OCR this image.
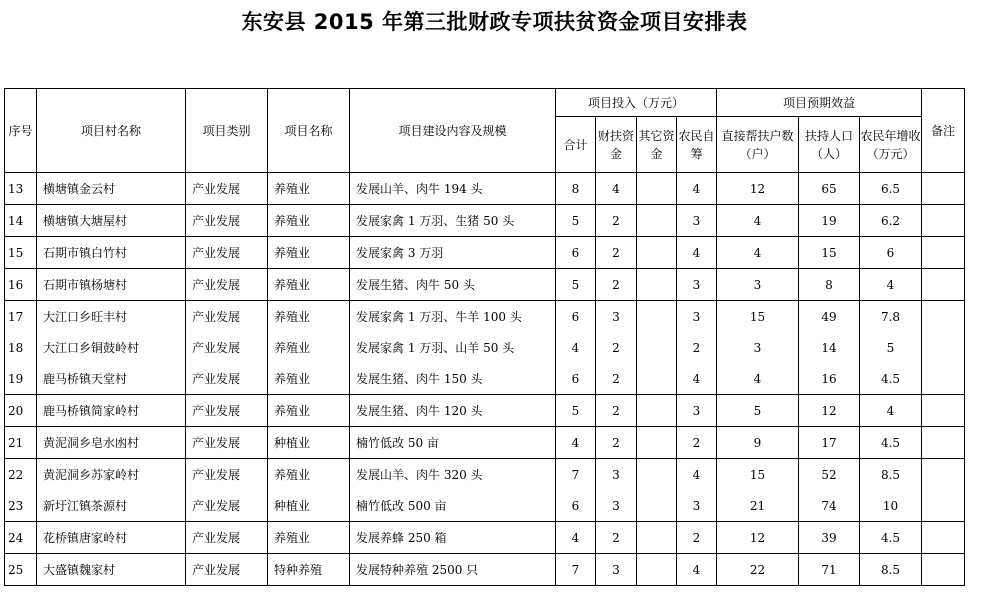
东安县 2015 年第三批财政专项扶贫资金项目安排表
序号	项目村名称	项目类别	项目名称	项目建设内容及规模	项目投入（万元）				项目预期效益			备注
					合计	财扶资金	其它资金	农民自筹	直接帮扶户数（户）	扶持人口（人）	农民年增收（万元）	
13	横塘镇金云村	产业发展	养殖业	发展山羊、肉牛 194 头	8	4		4	12	65	6.5	
14	横塘镇大塘屋村	产业发展	养殖业	发展家禽 1 万羽、生猪 50 头	5	2		3	4	19	6.2	
15	石期市镇白竹村	产业发展	养殖业	发展家禽 3 万羽	6	2		4	4	15	6	
16	石期市镇杨塘村	产业发展	养殖业	发展生猪、肉牛 50 头	5	2		3	3	8	4	
17	大江口乡旺丰村	产业发展	养殖业	发展家禽 1 万羽、牛羊 100 头	6	3		3	15	49	7.8	
18	大江口乡铜鼓岭村	产业发展	养殖业	发展家禽 1 万羽、山羊 50 头	4	2		2	3	14	5	
19	鹿马桥镇天堂村	产业发展	养殖业	发展生猪、肉牛 150 头	6	2		4	4	16	4.5	
20	鹿马桥镇简家岭村	产业发展	养殖业	发展生猪、肉牛 120 头	5	2		3	5	12	4	
21	黄泥洞乡皂水凼村	产业发展	种植业	楠竹低改 50 亩	4	2		2	9	17	4.5	
22	黄泥洞乡苏家岭村	产业发展	养殖业	发展山羊、肉牛 320 头	7	3		4	15	52	8.5	
23	新圩江镇茶源村	产业发展	种植业	楠竹低改 500 亩	6	3		3	21	74	10	
24	花桥镇唐家岭村	产业发展	养殖业	发展养蜂 250 箱	4	2		2	12	39	4.5	
25	大盛镇魏家村	产业发展	特种养殖	发展特种养殖 2500 只	7	3		4	22	71	8.5	
